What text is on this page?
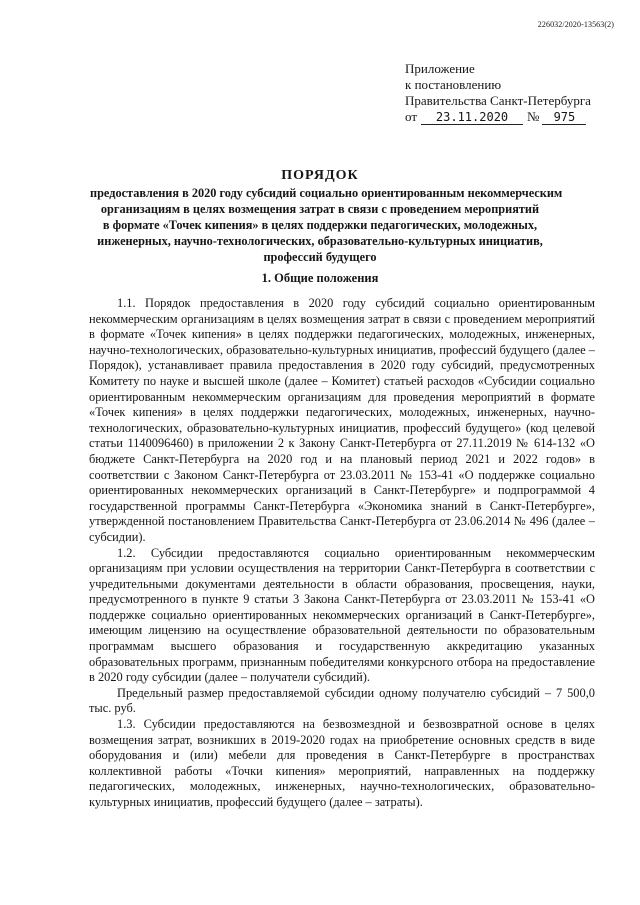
226032/2020-13563(2)
Приложение
к постановлению
Правительства Санкт-Петербурга
от 23.11.2020 № 975
ПОРЯДОК
предоставления в 2020 году субсидий социально ориентированным некоммерческим
организациям в целях возмещения затрат в связи с проведением мероприятий
в формате «Точек кипения» в целях поддержки педагогических, молодежных,
инженерных, научно-технологических, образовательно-культурных инициатив,
профессий будущего
1. Общие положения

1.1. Порядок предоставления в 2020 году субсидий социально ориентированным некоммерческим организациям в целях возмещения затрат в связи с проведением мероприятий в формате «Точек кипения» в целях поддержки педагогических, молодежных, инженерных, научно-технологических, образовательно-культурных инициатив, профессий будущего (далее – Порядок), устанавливает правила предоставления в 2020 году субсидий, предусмотренных Комитету по науке и высшей школе (далее – Комитет) статьей расходов «Субсидии социально ориентированным некоммерческим организациям для проведения мероприятий в формате «Точек кипения» в целях поддержки педагогических, молодежных, инженерных, научно-технологических, образовательно-культурных инициатив, профессий будущего» (код целевой статьи 1140096460) в приложении 2 к Закону Санкт-Петербурга от 27.11.2019 № 614-132 «О бюджете Санкт-Петербурга на 2020 год и на плановый период 2021 и 2022 годов» в соответствии с Законом Санкт-Петербурга от 23.03.2011 № 153-41 «О поддержке социально ориентированных некоммерческих организаций в Санкт-Петербурге» и подпрограммой 4 государственной программы Санкт-Петербурга «Экономика знаний в Санкт-Петербурге», утвержденной постановлением Правительства Санкт-Петербурга от 23.06.2014 № 496 (далее – субсидии).

1.2. Субсидии предоставляются социально ориентированным некоммерческим организациям при условии осуществления на территории Санкт-Петербурга в соответствии с учредительными документами деятельности в области образования, просвещения, науки, предусмотренного в пункте 9 статьи 3 Закона Санкт-Петербурга от 23.03.2011 № 153-41 «О поддержке социально ориентированных некоммерческих организаций в Санкт-Петербурге», имеющим лицензию на осуществление образовательной деятельности по образовательным программам высшего образования и государственную аккредитацию указанных образовательных программ, признанным победителями конкурсного отбора на предоставление в 2020 году субсидии (далее – получатели субсидий).

Предельный размер предоставляемой субсидии одному получателю субсидий – 7 500,0 тыс. руб.

1.3. Субсидии предоставляются на безвозмездной и безвозвратной основе в целях возмещения затрат, возникших в 2019-2020 годах на приобретение основных средств в виде оборудования и (или) мебели для проведения в Санкт-Петербурге в пространствах коллективной работы «Точки кипения» мероприятий, направленных на поддержку педагогических, молодежных, инженерных, научно-технологических, образовательно-культурных инициатив, профессий будущего (далее – затраты).
